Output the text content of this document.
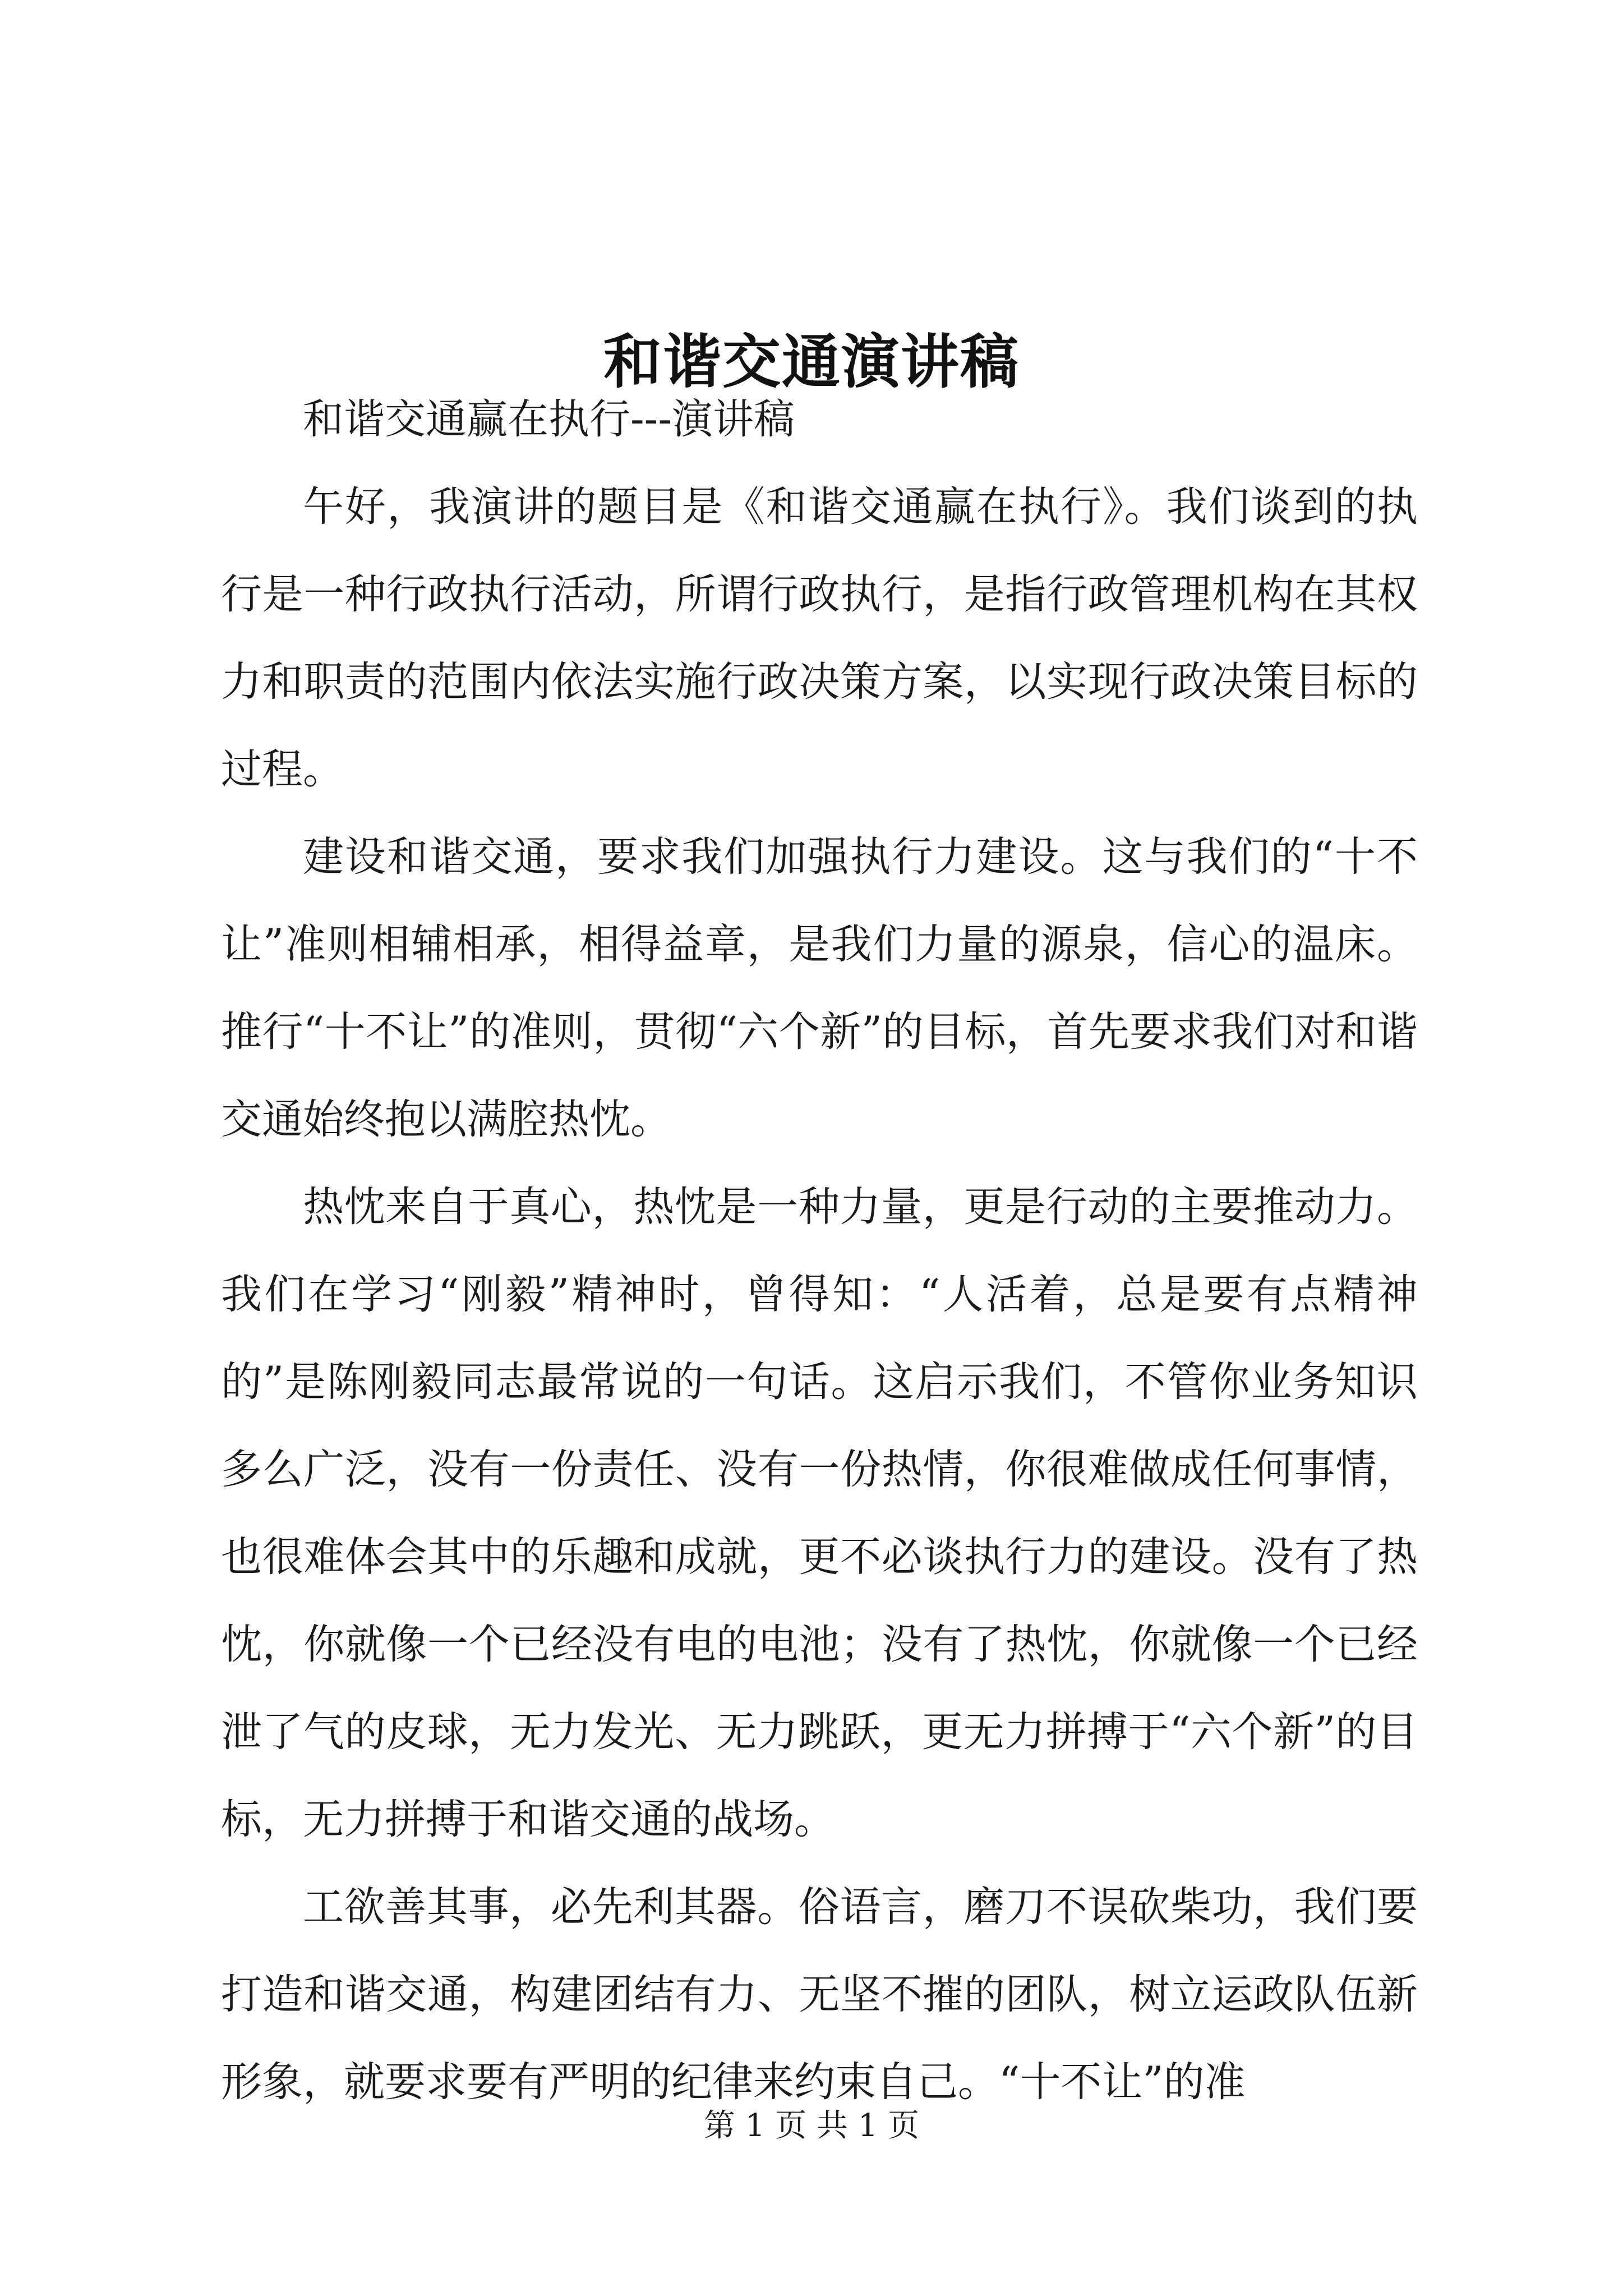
和谐交通演讲稿

和谐交通赢在执行---演讲稿

午好，我演讲的题目是《和谐交通赢在执行》。我们谈到的执行是一种行政执行活动，所谓行政执行，是指行政管理机构在其权力和职责的范围内依法实施行政决策方案，以实现行政决策目标的过程。

建设和谐交通，要求我们加强执行力建设。这与我们的“十不让”准则相辅相承，相得益章，是我们力量的源泉，信心的温床。推行“十不让”的准则，贯彻“六个新”的目标，首先要求我们对和谐交通始终抱以满腔热忱。

热忱来自于真心，热忱是一种力量，更是行动的主要推动力。我们在学习“刚毅”精神时，曾得知：“人活着，总是要有点精神的”是陈刚毅同志最常说的一句话。这启示我们，不管你业务知识多么广泛，没有一份责任、没有一份热情，你很难做成任何事情，也很难体会其中的乐趣和成就，更不必谈执行力的建设。没有了热忱，你就像一个已经没有电的电池；没有了热忱，你就像一个已经泄了气的皮球，无力发光、无力跳跃，更无力拼搏于“六个新”的目标，无力拼搏于和谐交通的战场。

工欲善其事，必先利其器。俗语言，磨刀不误砍柴功，我们要打造和谐交通，构建团结有力、无坚不摧的团队，树立运政队伍新形象，就要求要有严明的纪律来约束自己。“十不让”的准

第 1 页 共 1 页
